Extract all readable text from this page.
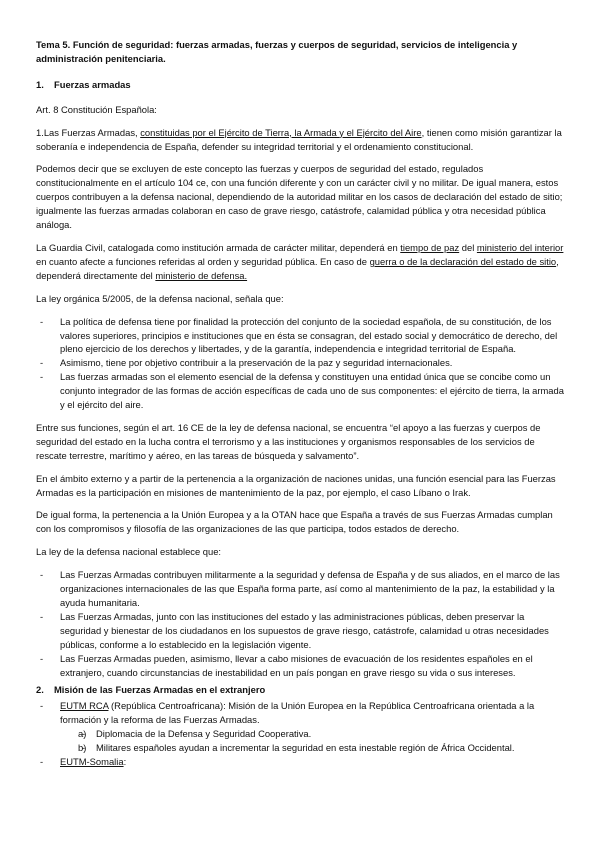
Tema 5. Función de seguridad: fuerzas armadas, fuerzas y cuerpos de seguridad, servicios de inteligencia y administración penitenciaria.
1. Fuerzas armadas

Art. 8 Constitución Española:

1.Las Fuerzas Armadas, constituidas por el Ejército de Tierra, la Armada y el Ejército del Aire, tienen como misión garantizar la soberanía e independencia de España, defender su integridad territorial y el ordenamiento constitucional.

Podemos decir que se excluyen de este concepto las fuerzas y cuerpos de seguridad del estado, regulados constitucionalmente en el artículo 104 ce, con una función diferente y con un carácter civil y no militar. De igual manera, estos cuerpos contribuyen a la defensa nacional, dependiendo de la autoridad militar en los casos de declaración del estado de sitio; igualmente las fuerzas armadas colaboran en caso de grave riesgo, catástrofe, calamidad pública y otra necesidad pública análoga.

La Guardia Civil, catalogada como institución armada de carácter militar, dependerá en tiempo de paz del ministerio del interior en cuanto afecte a funciones referidas al orden y seguridad pública. En caso de guerra o de la declaración del estado de sitio, dependerá directamente del ministerio de defensa.

La ley orgánica 5/2005, de la defensa nacional, señala que:

- La política de defensa tiene por finalidad la protección del conjunto de la sociedad española, de su constitución, de los valores superiores, principios e instituciones que en ésta se consagran, del estado social y democrático de derecho, del pleno ejercicio de los derechos y libertades, y de la garantía, independencia e integridad territorial de España.
- Asimismo, tiene por objetivo contribuir a la preservación de la paz y seguridad internacionales.
- Las fuerzas armadas son el elemento esencial de la defensa y constituyen una entidad única que se concibe como un conjunto integrador de las formas de acción específicas de cada uno de sus componentes: el ejército de tierra, la armada y el ejército del aire.

Entre sus funciones, según el art. 16 CE de la ley de defensa nacional, se encuentra “el apoyo a las fuerzas y cuerpos de seguridad del estado en la lucha contra el terrorismo y a las instituciones y organismos responsables de los servicios de rescate terrestre, marítimo y aéreo, en las tareas de búsqueda y salvamento”.

En el ámbito externo y a partir de la pertenencia a la organización de naciones unidas, una función esencial para las Fuerzas Armadas es la participación en misiones de mantenimiento de la paz, por ejemplo, el caso Líbano o Irak.

De igual forma, la pertenencia a la Unión Europea y a la OTAN hace que España a través de sus Fuerzas Armadas cumplan con los compromisos y filosofía de las organizaciones de las que participa, todos estados de derecho.

La ley de la defensa nacional establece que:

- Las Fuerzas Armadas contribuyen militarmente a la seguridad y defensa de España y de sus aliados, en el marco de las organizaciones internacionales de las que España forma parte, así como al mantenimiento de la paz, la estabilidad y la ayuda humanitaria.
- Las Fuerzas Armadas, junto con las instituciones del estado y las administraciones públicas, deben preservar la seguridad y bienestar de los ciudadanos en los supuestos de grave riesgo, catástrofe, calamidad u otras necesidades públicas, conforme a lo establecido en la legislación vigente.
- Las Fuerzas Armadas pueden, asimismo, llevar a cabo misiones de evacuación de los residentes españoles en el extranjero, cuando circunstancias de inestabilidad en un país pongan en grave riesgo su vida o sus intereses.
2. Misión de las Fuerzas Armadas en el extranjero
- EUTM RCA (República Centroafricana): Misión de la Unión Europea en la República Centroafricana orientada a la formación y la reforma de las Fuerzas Armadas.
- a) Diplomacia de la Defensa y Seguridad Cooperativa.
- b) Militares españoles ayudan a incrementar la seguridad en esta inestable región de África Occidental.
- EUTM-Somalia:
